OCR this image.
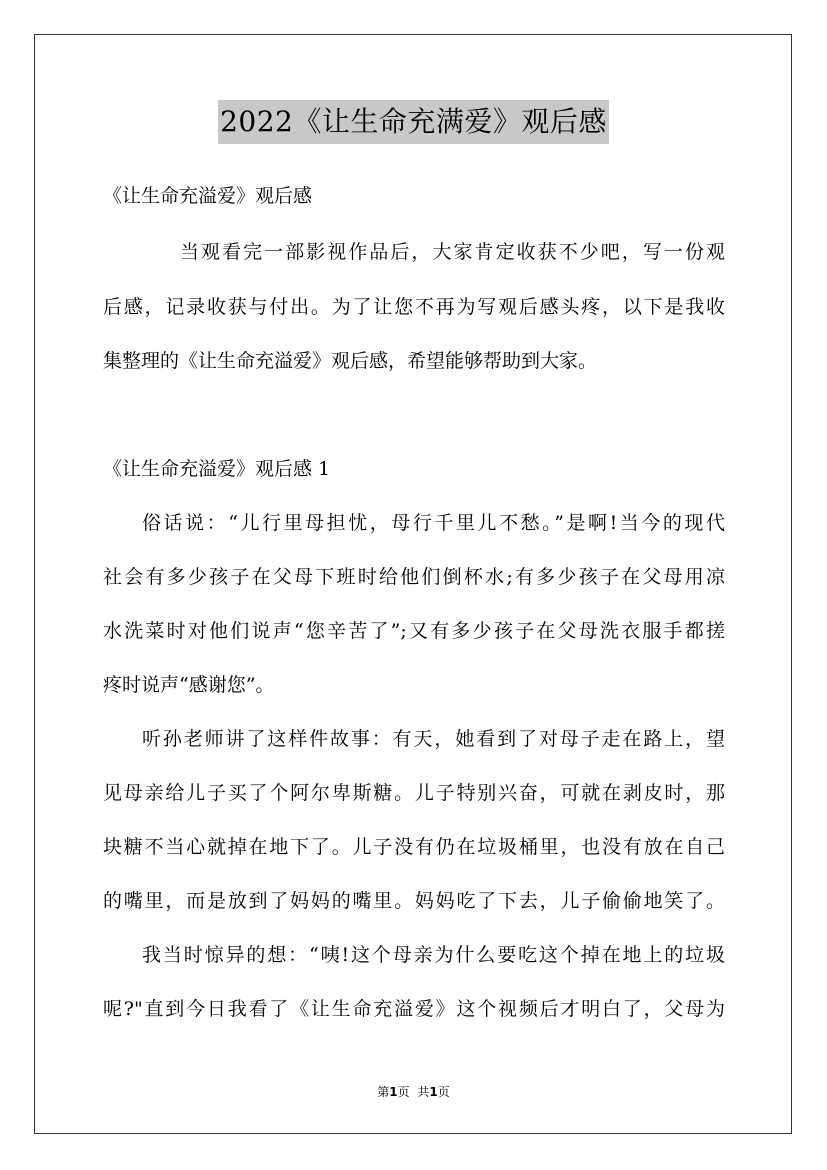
2022《让生命充满爱》观后感

《让生命充溢爱》观后感

当观看完一部影视作品后，大家肯定收获不少吧，写一份观

后感，记录收获与付出。为了让您不再为写观后感头疼，以下是我收

集整理的《让生命充溢爱》观后感，希望能够帮助到大家。

《让生命充溢爱》观后感 1

俗话说：“儿行里母担忧，母行千里儿不愁。”是啊!当今的现代

社会有多少孩子在父母下班时给他们倒杯水;有多少孩子在父母用凉

水洗菜时对他们说声“您辛苦了”;又有多少孩子在父母洗衣服手都搓

疼时说声“感谢您”。

听孙老师讲了这样件故事：有天，她看到了对母子走在路上，望

见母亲给儿子买了个阿尔卑斯糖。儿子特别兴奋，可就在剥皮时，那

块糖不当心就掉在地下了。儿子没有仍在垃圾桶里，也没有放在自己

的嘴里，而是放到了妈妈的嘴里。妈妈吃了下去，儿子偷偷地笑了。

我当时惊异的想：“咦!这个母亲为什么要吃这个掉在地上的垃圾

呢?"直到今日我看了《让生命充溢爱》这个视频后才明白了，父母为

第1页 共1页
